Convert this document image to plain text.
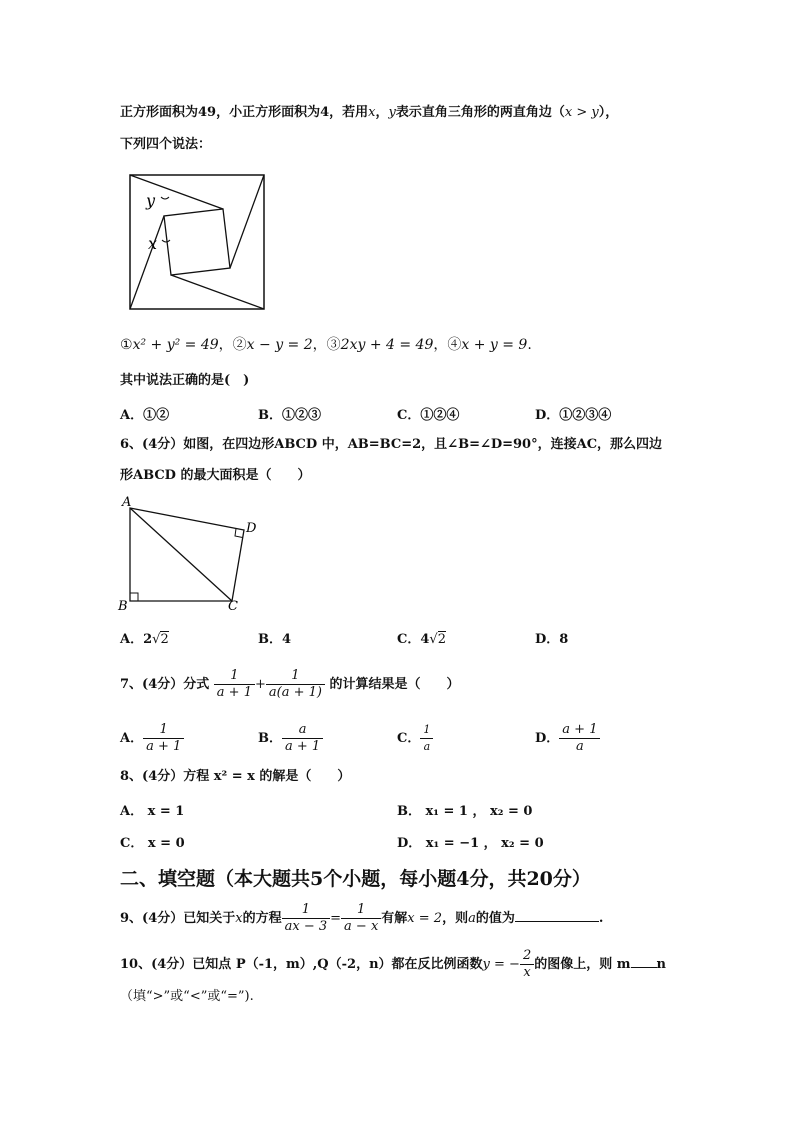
正方形面积为49，小正方形面积为4，若用x，y表示直角三角形的两直角边（x > y），
下列四个说法：
y
x
①x² + y² = 49，②x − y = 2，③2xy + 4 = 49，④x + y = 9.
其中说法正确的是(　)
A．①②	B．①②③	C．①②④	D．①②③④
6、(4分）如图，在四边形ABCD 中，AB=BC=2，且∠B=∠D=90°，连接AC，那么四边
形ABCD 的最大面积是（　　）
A
D
B	C
A．2√2	B．4	C．4√2	D．8
7、(4分）分式 $\frac{1}{a + 1} + \frac{1}{a(a + 1)}$ 的计算结果是（　　）
A． $\frac{1}{a + 1}$	B． $\frac{a}{a + 1}$	C． $\frac{1}{a}$	D． $\frac{a + 1}{a}$
8、(4分）方程 x² = x 的解是（　　）
A． x = 1	B． x₁ = 1 ， x₂ = 0
C． x = 0	D． x₁ = −1 ， x₂ = 0
二、填空题（本大题共5个小题，每小题4分，共20分）
9、(4分）已知关于x的方程 $\frac{1}{ax - 3} = \frac{1}{a - x}$ 有解x = 2，则a的值为	.
10、(4分）已知点 P（-1，m）,Q（-2，n）都在反比例函数y = − $\frac{2}{x}$ 的图像上，则 m n
（填“>”或“<”或“=”).
